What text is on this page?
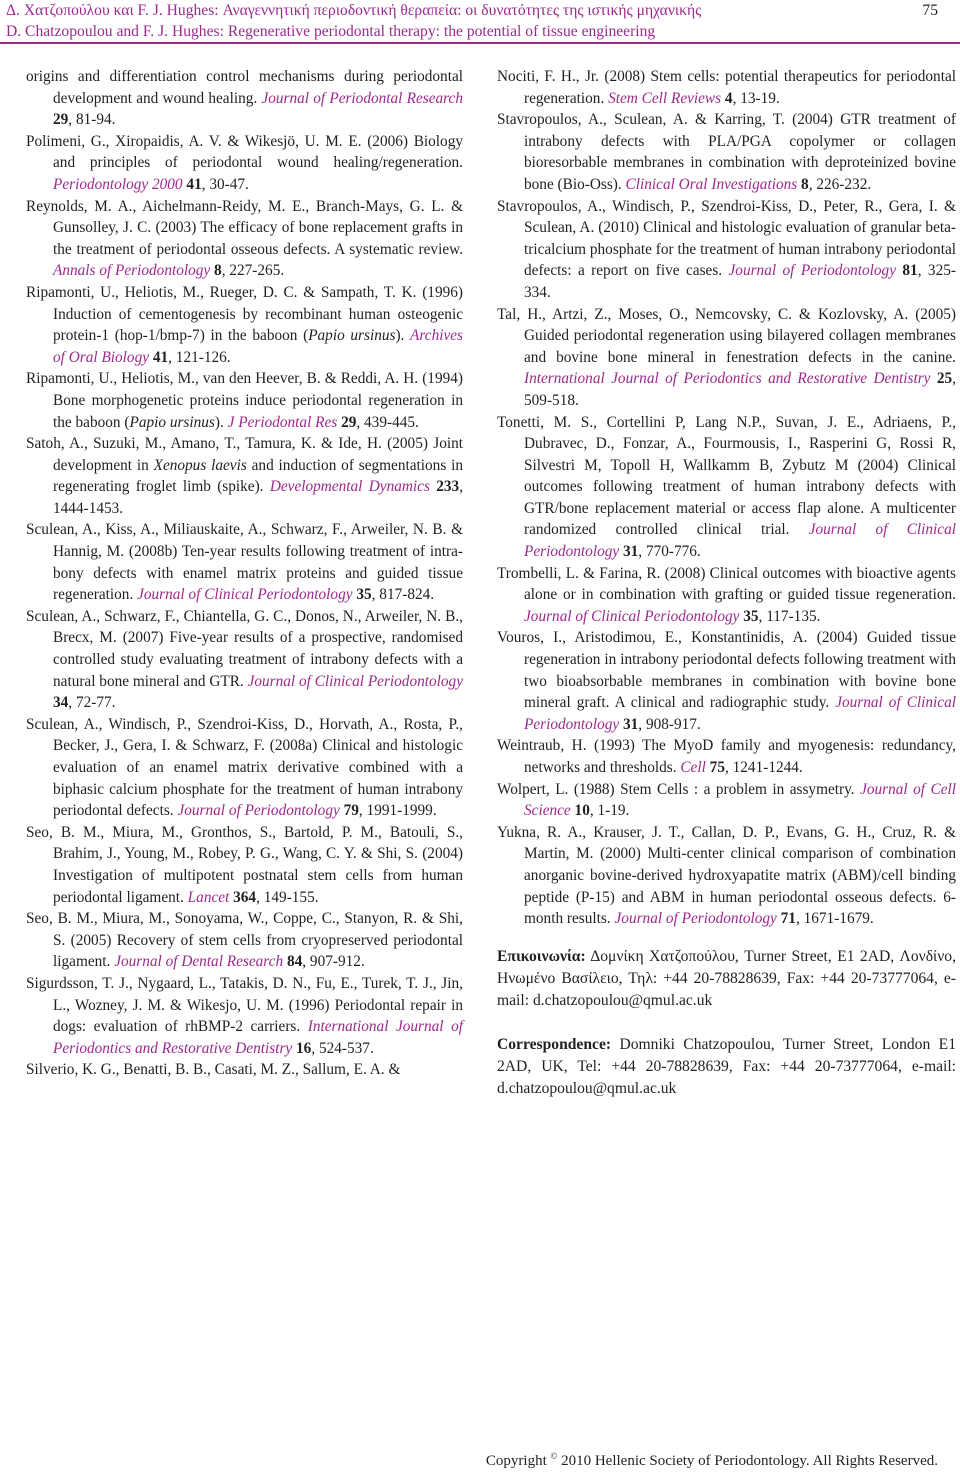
Δ. Χατζοπούλου και F. J. Hughes: Αναγεννητική περιοδοντική θεραπεία: οι δυνατότητες της ιστικής μηχανικής
D. Chatzopoulou and F. J. Hughes: Regenerative periodontal therapy: the potential of tissue engineering
75

origins and differentiation control mechanisms during periodontal development and wound healing. Journal of Periodontal Research 29, 81-94.

Polimeni, G., Xiropaidis, A. V. & Wikesjö, U. M. E. (2006) Biology and principles of periodontal wound healing/regeneration. Periodontology 2000 41, 30-47.

Reynolds, M. A., Aichelmann-Reidy, M. E., Branch-Mays, G. L. & Gunsolley, J. C. (2003) The efficacy of bone replacement grafts in the treatment of periodontal osseous defects. A systematic review. Annals of Periodontology 8, 227-265.

Ripamonti, U., Heliotis, M., Rueger, D. C. & Sampath, T. K. (1996) Induction of cementogenesis by recombinant human osteogenic protein-1 (hop-1/bmp-7) in the baboon (Papio ursinus). Archives of Oral Biology 41, 121-126.

Ripamonti, U., Heliotis, M., van den Heever, B. & Reddi, A. H. (1994) Bone morphogenetic proteins induce periodontal regeneration in the baboon (Papio ursinus). J Periodontal Res 29, 439-445.

Satoh, A., Suzuki, M., Amano, T., Tamura, K. & Ide, H. (2005) Joint development in Xenopus laevis and induction of segmentations in regenerating froglet limb (spike). Developmental Dynamics 233, 1444-1453.

Sculean, A., Kiss, A., Miliauskaite, A., Schwarz, F., Arweiler, N. B. & Hannig, M. (2008b) Ten-year results following treatment of intra-bony defects with enamel matrix proteins and guided tissue regeneration. Journal of Clinical Periodontology 35, 817-824.

Sculean, A., Schwarz, F., Chiantella, G. C., Donos, N., Arweiler, N. B., Brecx, M. (2007) Five-year results of a prospective, randomised controlled study evaluating treatment of intrabony defects with a natural bone mineral and GTR. Journal of Clinical Periodontology 34, 72-77.

Sculean, A., Windisch, P., Szendroi-Kiss, D., Horvath, A., Rosta, P., Becker, J., Gera, I. & Schwarz, F. (2008a) Clinical and histologic evaluation of an enamel matrix derivative combined with a biphasic calcium phosphate for the treatment of human intrabony periodontal defects. Journal of Periodontology 79, 1991-1999.

Seo, B. M., Miura, M., Gronthos, S., Bartold, P. M., Batouli, S., Brahim, J., Young, M., Robey, P. G., Wang, C. Y. & Shi, S. (2004) Investigation of multipotent postnatal stem cells from human periodontal ligament. Lancet 364, 149-155.

Seo, B. M., Miura, M., Sonoyama, W., Coppe, C., Stanyon, R. & Shi, S. (2005) Recovery of stem cells from cryopreserved periodontal ligament. Journal of Dental Research 84, 907-912.

Sigurdsson, T. J., Nygaard, L., Tatakis, D. N., Fu, E., Turek, T. J., Jin, L., Wozney, J. M. & Wikesjo, U. M. (1996) Periodontal repair in dogs: evaluation of rhBMP-2 carriers. International Journal of Periodontics and Restorative Dentistry 16, 524-537.

Silverio, K. G., Benatti, B. B., Casati, M. Z., Sallum, E. A. &

Nociti, F. H., Jr. (2008) Stem cells: potential therapeutics for periodontal regeneration. Stem Cell Reviews 4, 13-19.

Stavropoulos, A., Sculean, A. & Karring, T. (2004) GTR treatment of intrabony defects with PLA/PGA copolymer or collagen bioresorbable membranes in combination with deproteinized bovine bone (Bio-Oss). Clinical Oral Investigations 8, 226-232.

Stavropoulos, A., Windisch, P., Szendroi-Kiss, D., Peter, R., Gera, I. & Sculean, A. (2010) Clinical and histologic evaluation of granular beta-tricalcium phosphate for the treatment of human intrabony periodontal defects: a report on five cases. Journal of Periodontology 81, 325-334.

Tal, H., Artzi, Z., Moses, O., Nemcovsky, C. & Kozlovsky, A. (2005) Guided periodontal regeneration using bilayered collagen membranes and bovine bone mineral in fenestration defects in the canine. International Journal of Periodontics and Restorative Dentistry 25, 509-518.

Tonetti, M. S., Cortellini P, Lang N.P., Suvan, J. E., Adriaens, P., Dubravec, D., Fonzar, A., Fourmousis, I., Rasperini G, Rossi R, Silvestri M, Topoll H, Wallkamm B, Zybutz M (2004) Clinical outcomes following treatment of human intrabony defects with GTR/bone replacement material or access flap alone. A multicenter randomized controlled clinical trial. Journal of Clinical Periodontology 31, 770-776.

Trombelli, L. & Farina, R. (2008) Clinical outcomes with bioactive agents alone or in combination with grafting or guided tissue regeneration. Journal of Clinical Periodontology 35, 117-135.

Vouros, I., Aristodimou, E., Konstantinidis, A. (2004) Guided tissue regeneration in intrabony periodontal defects following treatment with two bioabsorbable membranes in combination with bovine bone mineral graft. A clinical and radiographic study. Journal of Clinical Periodontology 31, 908-917.

Weintraub, H. (1993) The MyoD family and myogenesis: redundancy, networks and thresholds. Cell 75, 1241-1244.

Wolpert, L. (1988) Stem Cells : a problem in assymetry. Journal of Cell Science 10, 1-19.

Yukna, R. A., Krauser, J. T., Callan, D. P., Evans, G. H., Cruz, R. & Martin, M. (2000) Multi-center clinical comparison of combination anorganic bovine-derived hydroxyapatite matrix (ABM)/cell binding peptide (P-15) and ABM in human periodontal osseous defects. 6-month results. Journal of Periodontology 71, 1671-1679.

Επικοινωνία: Δομνίκη Χατζοπούλου, Turner Street, E1 2AD, Λονδίνο, Ηνωμένο Βασίλειο, Τηλ: +44 20-78828639, Fax: +44 20-73777064, e-mail: d.chatzopoulou@qmul.ac.uk

Correspondence: Domniki Chatzopoulou, Turner Street, London E1 2AD, UK, Tel: +44 20-78828639, Fax: +44 20-73777064, e-mail: d.chatzopoulou@qmul.ac.uk

Copyright © 2010 Hellenic Society of Periodontology. All Rights Reserved.
